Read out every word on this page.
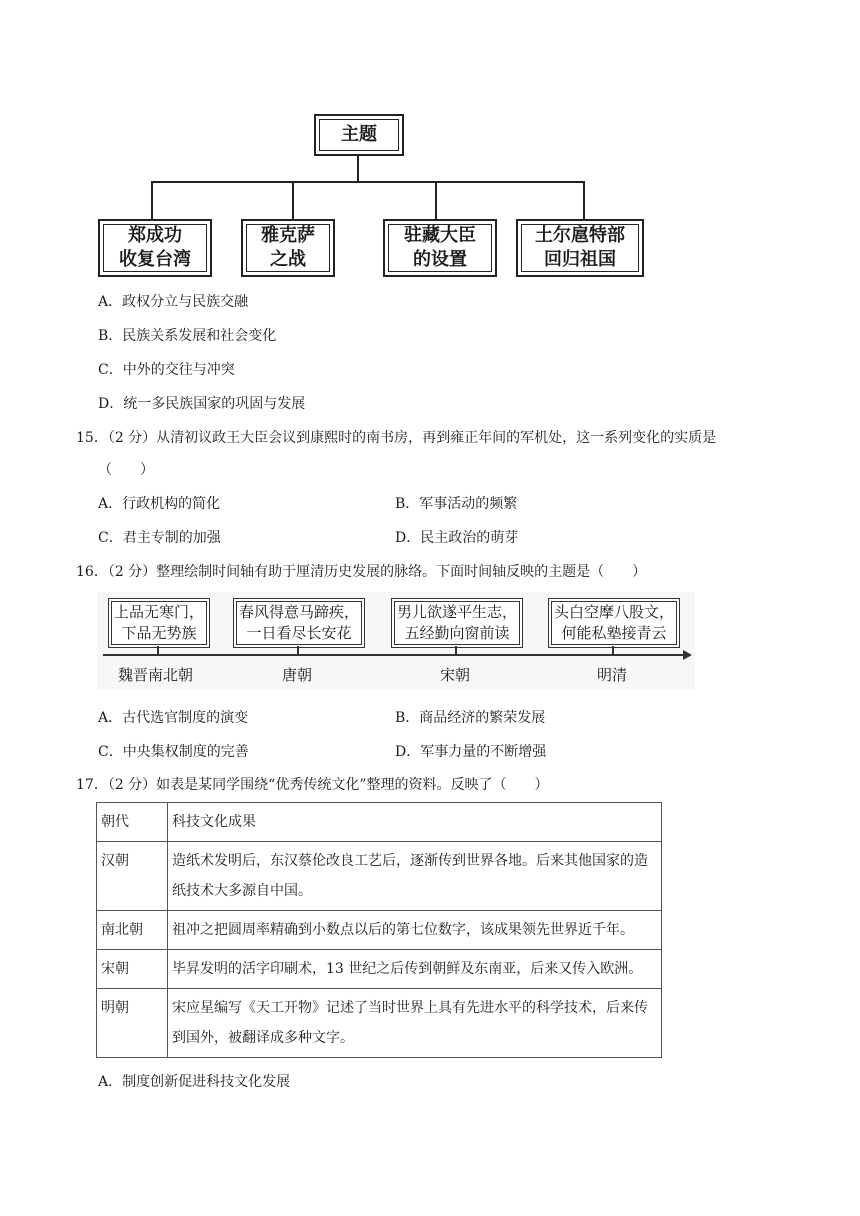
主题
郑成功
收复台湾
雅克萨
之战
驻藏大臣
的设置
土尔扈特部
回归祖国
A．政权分立与民族交融
B．民族关系发展和社会变化
C．中外的交往与冲突
D．统一多民族国家的巩固与发展
15．（2 分）从清初议政王大臣会议到康熙时的南书房，再到雍正年间的军机处，这一系列变化的实质是
（　　）
A．行政机构的简化	B．军事活动的频繁
C．君主专制的加强	D．民主政治的萌芽
16．（2 分）整理绘制时间轴有助于厘清历史发展的脉络。下面时间轴反映的主题是（　　）
上品无寒门，
下品无势族
春风得意马蹄疾，
一日看尽长安花
男儿欲遂平生志，
五经勤向窗前读
头白空摩八股文，
何能私塾接青云
魏晋南北朝	唐朝	宋朝	明清
A．古代选官制度的演变	B．商品经济的繁荣发展
C．中央集权制度的完善	D．军事力量的不断增强
17．（2 分）如表是某同学围绕“优秀传统文化”整理的资料。反映了（　　）
朝代	科技文化成果
汉朝	造纸术发明后，东汉蔡伦改良工艺后，逐渐传到世界各地。后来其他国家的造纸技术大多源自中国。
南北朝	祖冲之把圆周率精确到小数点以后的第七位数字，该成果领先世界近千年。
宋朝	毕昇发明的活字印刷术，13 世纪之后传到朝鲜及东南亚，后来又传入欧洲。
明朝	宋应星编写《天工开物》记述了当时世界上具有先进水平的科学技术，后来传到国外，被翻译成多种文字。
A．制度创新促进科技文化发展
